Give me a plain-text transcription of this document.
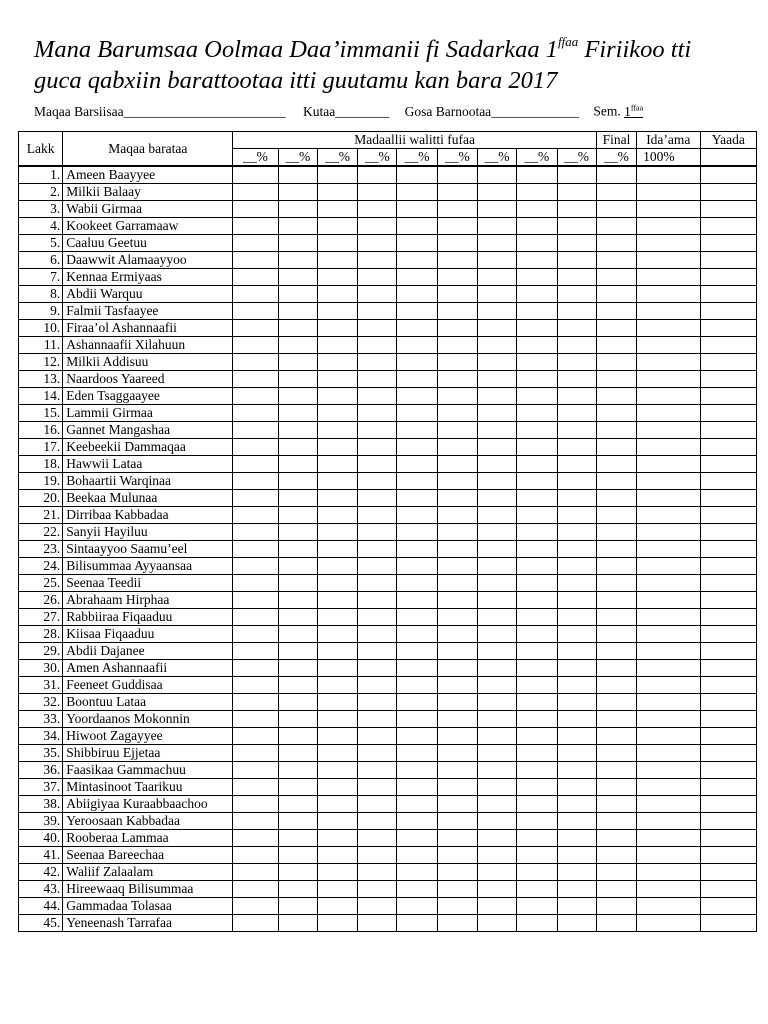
Mana Barumsaa Oolmaa Daa’immanii fi Sadarkaa $1^{ffaa}$ Firiikoo tti
guca qabxiin barattootaa itti guutamu kan bara 2017
Maqaa Barsiisaa________________________ Kutaa________ Gosa Barnootaa_____________ Sem. $1^{ffaa}$
Lakk	Maqaa barataa	Madaallii walitti fufaa									Final	Ida’ama	Yaada
		__%	__%	__%	__%	__%	__%	__%	__%	__%	__%	100%	
1.	Ameen Baayyee												
2.	Milkii Balaay												
3.	Wabii Girmaa												
4.	Kookeet Garramaaw												
5.	Caaluu Geetuu												
6.	Daawwit Alamaayyoo												
7.	Kennaa Ermiyaas												
8.	Abdii Warquu												
9.	Falmii Tasfaayee												
10.	Firaa’ol Ashannaafii												
11.	Ashannaafii Xilahuun												
12.	Milkii Addisuu												
13.	Naardoos Yaareed												
14.	Eden Tsaggaayee												
15.	Lammii Girmaa												
16.	Gannet Mangashaa												
17.	Keebeekii Dammaqaa												
18.	Hawwii Lataa												
19.	Bohaartii Warqinaa												
20.	Beekaa Mulunaa												
21.	Dirribaa Kabbadaa												
22.	Sanyii Hayiluu												
23.	Sintaayyoo Saamu’eel												
24.	Bilisummaa Ayyaansaa												
25.	Seenaa Teedii												
26.	Abrahaam Hirphaa												
27.	Rabbiiraa Fiqaaduu												
28.	Kiisaa Fiqaaduu												
29.	Abdii Dajanee												
30.	Amen Ashannaafii												
31.	Feeneet Guddisaa												
32.	Boontuu Lataa												
33.	Yoordaanos Mokonnin												
34.	Hiwoot Zagayyee												
35.	Shibbiruu Ejjetaa												
36.	Faasikaa Gammachuu												
37.	Mintasinoot Taarikuu												
38.	Abiigiyaa Kuraabbaachoo												
39.	Yeroosaan Kabbadaa												
40.	Rooberaa Lammaa												
41.	Seenaa Bareechaa												
42.	Waliif Zalaalam												
43.	Hireewaaq Bilisummaa												
44.	Gammadaa Tolasaa												
45.	Yeneenash Tarrafaa												
